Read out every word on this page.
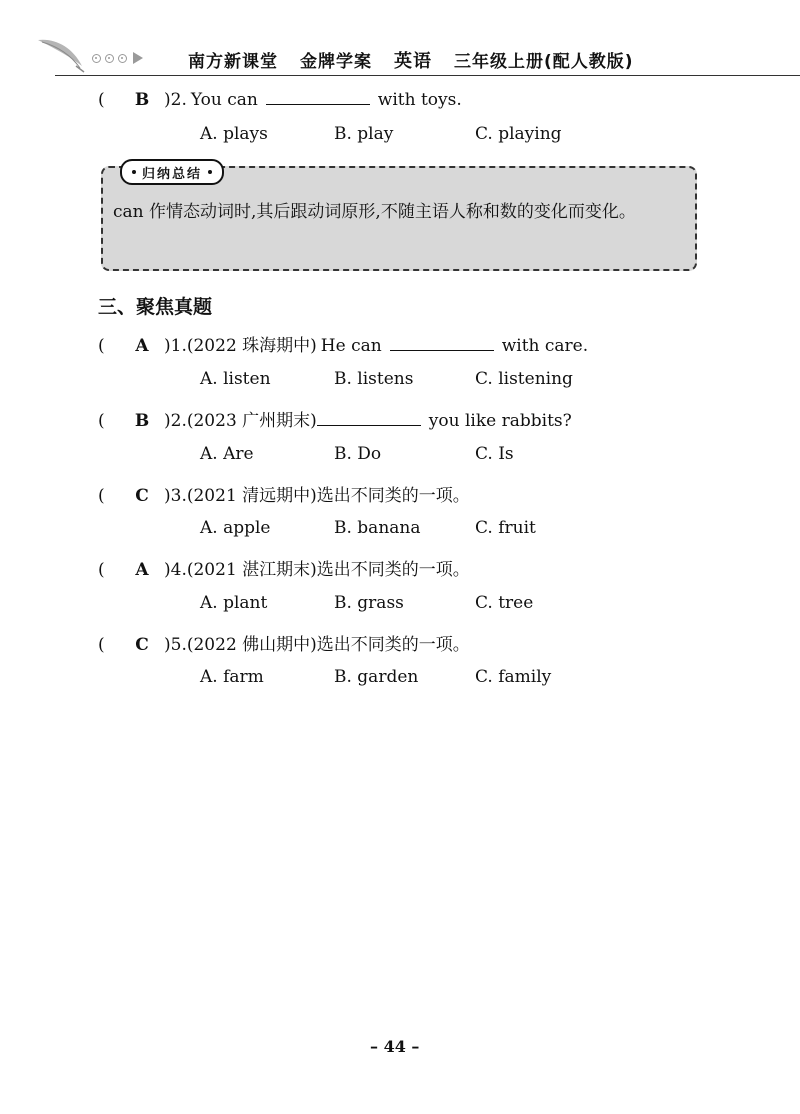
南方新课堂 金牌学案 英语 三年级上册(配人教版)
(	B )2. You can	with toys.
A. plays	B. play	C. playing
归纳总结
can 作情态动词时,其后跟动词原形,不随主语人称和数的变化而变化。
三、聚焦真题
(	A )1. (2022 珠海期中) He can	with care.
A. listen	B. listens	C. listening
(	B )2. (2023 广州期末)	you like rabbits?
A. Are	B. Do	C. Is
(	C )3. (2021 清远期中) 选出不同类的一项。
A. apple	B. banana	C. fruit
(	A )4. (2021 湛江期末) 选出不同类的一项。
A. plant	B. grass	C. tree
(	C )5. (2022 佛山期中) 选出不同类的一项。
A. farm	B. garden	C. family
– 44 –
